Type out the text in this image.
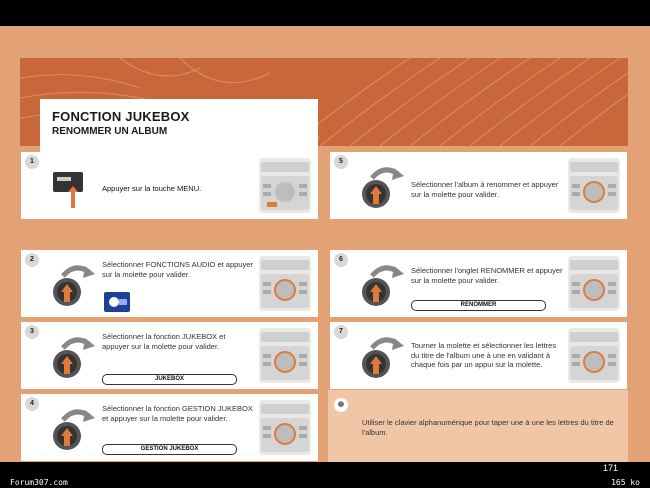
FONCTION JUKEBOX
RENOMMER UN ALBUM
1
Appuyer sur la touche MENU.
2
Sélectionner FONCTIONS AUDIO et appuyer sur la molette pour valider.
3
Sélectionner la fonction JUKEBOX et appuyer sur la molette pour valider.
JUKEBOX
4
Sélectionner la fonction GESTION JUKEBOX et appuyer sur la molette pour valider.
GESTION JUKEBOX
5
Sélectionner l'album à renommer et appuyer sur la molette pour valider.
6
Sélectionner l'onglet RENOMMER et appuyer sur la molette pour valider.
RENOMMER
7
Tourner la molette et sélectionner les lettres du titre de l'album une à une en validant à chaque fois par un appui sur la molette.
❁
Utiliser le clavier alphanumérique pour taper une à une les lettres du titre de l'album.
171
Forum307.com	165 ko
